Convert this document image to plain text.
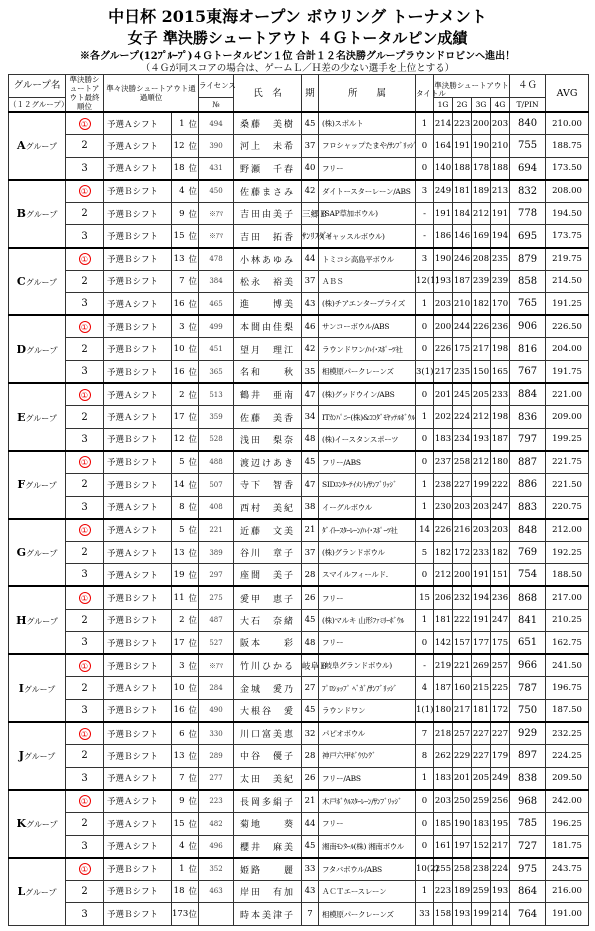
中日杯 2015東海オープン ボウリング トーナメント
女子 準決勝シュートアウト ４Ｇトータルピン成績
※各グループ(12ﾌﾟﾙｰﾌﾟ)４Ｇトータルピン１位 合計１２名決勝グループラウンドロビンへ進出！
（４Ｇが同スコアの場合は、ゲームＬ／Ｈ差の少ない選手を上位とする）
グループ名	準決勝シュートアウト最終順位	準々決勝シュートアウト通過順位			ライセンス	氏　名	期	所　　属	タイトル	準決勝シュートアウト				４Ｇ	AVG
（１２グループ）					№					1G	2G	3G	4G	T/PIN	
Aグループ	①	予選Ａシフト	1	位	494	桑藤　美樹	45	(株)スポルト	1	214	223	200	203	840	210.00
	2	予選Ａシフト	12	位	390	河上　未希	37	フロシャップたまや/ｻﾝﾌﾞﾘｯｼﾞ	0	164	191	190	210	755	188.75
	3	予選Ａシフト	18	位	431	野瀬　千春	40	フリー	0	140	188	178	188	694	173.50
Bグループ	①	予選Ｂシフト	4	位	450	佐藤まさみ	42	ダイトースターレーン/ABS	3	249	181	189	213	832	208.00
	2	予選Ｂシフト	9	位	※ｱﾏ	吉田由美子	三郷Ｂ	(SAP草加ボウル)	-	191	184	212	191	778	194.50
	3	予選Ｂシフト	15	位	※ｱﾏ	吉田　拓香	ｻﾝﾘｽﾀﾞｲ	(キャッスルボウル)	-	186	146	169	194	695	173.75
Cグループ	①	予選Ｂシフト	13	位	478	小林あゆみ	44	トミコシ高島平ボウル	3	190	246	208	235	879	219.75
	2	予選Ｂシフト	7	位	384	松永　裕美	37	ＡＢＳ	12(1)	193	187	239	239	858	214.50
	3	予選Ａシフト	16	位	465	進　　博美	43	(株)チアエンタープライズ	1	203	210	182	170	765	191.25
Dグループ	①	予選Ｂシフト	3	位	499	本間由佳梨	46	サンコーボウル/ABS	0	200	244	226	236	906	226.50
	2	予選Ｂシフト	10	位	451	望月　理江	42	ラウンドワン/ﾊｲ･ｽﾎﾟｰﾂ社	0	226	175	217	198	816	204.00
	3	予選Ｂシフト	16	位	365	名和　　秋	35	相模原パークレーンズ	3(1)	217	235	150	165	767	191.75
Eグループ	①	予選Ａシフト	2	位	513	鶴井　亜南	47	(株)グッドウイン/ABS	0	201	245	205	233	884	221.00
	2	予選Ａシフト	17	位	359	佐藤　美香	34	ITｶﾝﾊﾟﾆｰ(株)&ｺｺﾀﾞﾓﾔｯﾃﾙﾎﾞｳﾙ	1	202	224	212	198	836	209.00
	3	予選Ｂシフト	12	位	528	浅田　梨奈	48	(株)イースタンスポーツ	0	183	234	193	187	797	199.25
Fグループ	①	予選Ｂシフト	5	位	488	渡辺けあき	45	フリー/ABS	0	237	258	212	180	887	221.75
	2	予選Ｂシフト	14	位	507	寺下　智香	47	SIDｴﾝﾀｰﾃｲﾒﾝﾄ/ｻﾝﾌﾞﾘｯｼﾞ	1	238	227	199	222	886	221.50
	3	予選Ａシフト	8	位	408	西村　美紀	38	イーグルボウル	1	230	203	203	247	883	220.75
Gグループ	①	予選Ａシフト	5	位	221	近藤　文美	21	ﾀﾞｲﾄｰｽﾀｰﾚｰﾝ/ﾊｲ･ｽﾎﾟｰﾂ社	14	226	216	203	203	848	212.00
	2	予選Ａシフト	13	位	389	谷川　章子	37	(株)グランドボウル	5	182	172	233	182	769	192.25
	3	予選Ａシフト	19	位	297	座間　美子	28	スマイルフィールド.	0	212	200	191	151	754	188.50
Hグループ	①	予選Ｂシフト	11	位	275	愛甲　恵子	26	フリー	15	206	232	194	236	868	217.00
	2	予選Ｂシフト	2	位	487	大石　奈緒	45	(株)マルキ 山形ﾌｧﾐﾘｰﾎﾞｳﾙ	1	181	222	191	247	841	210.25
	3	予選Ｂシフト	17	位	527	阪本　　彩	48	フリー	0	142	157	177	175	651	162.75
Iグループ	①	予選Ｂシフト	3	位	※ｱﾏ	竹川ひかる	岐阜Ｂ	(岐阜グランドボウル)	-	219	221	269	257	966	241.50
	2	予選Ａシフト	10	位	284	金城　愛乃	27	ﾌﾟﾛｼｮｯﾌﾟ ﾍﾞｶﾞ/ｻﾝﾌﾞﾘｯｼﾞ	4	187	160	215	225	787	196.75
	3	予選Ｂシフト	16	位	490	大根谷　愛	45	ラウンドワン	1(1)	180	217	181	172	750	187.50
Jグループ	①	予選Ｂシフト	6	位	330	川口富美恵	32	パピオボウル	7	218	257	227	227	929	232.25
	2	予選Ｂシフト	13	位	289	中谷　優子	28	神戸六甲ﾎﾞｳﾘﾝｸﾞ	8	262	229	227	179	897	224.25
	3	予選Ａシフト	7	位	277	太田　美紀	26	フリー/ABS	1	183	201	205	249	838	209.50
Kグループ	①	予選Ａシフト	9	位	223	長岡多絹子	21	木戸ﾎﾞｳﾙｽﾀｰﾚｰﾝ/ｻﾝﾌﾞﾘｯｼﾞ	0	203	250	259	256	968	242.00
	2	予選Ａシフト	15	位	482	菊地　　葵	44	フリー	0	185	190	183	195	785	196.25
	3	予選Ａシフト	4	位	496	櫻井　麻美	45	湘南ﾓﾝﾀｰﾙ(株) 湘南ボウル	0	161	197	152	217	727	181.75
Lグループ	①	予選Ｂシフト	1	位	352	姫路　　麗	33	フタバボウル/ABS	10(2)	255	258	238	224	975	243.75
	2	予選Ｂシフト	18	位	463	岸田　有加	43	ＡＣＴエースレーン	1	223	189	259	193	864	216.00
	3	予選Ｂシフト	173	位		時本美津子	7	相模原パークレーンズ	33	158	193	199	214	764	191.00
